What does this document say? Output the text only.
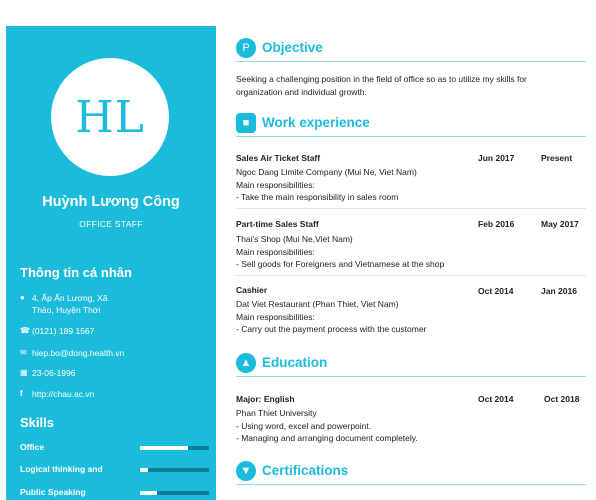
HL
Huỳnh Lương Công
OFFICE STAFF
Thông tin cá nhân
● 4, Ấp Ấn Lương, Xã
Thảo, Huyện Thời
☎ (0121) 189 1567
✉ hiep.bo@dong.health.vn
▦ 23-06-1996
f	http://chau.ac.vn
Skills
Office
Logical thinking and
Public Speaking
P Objective
Seeking a challenging position in the field of office so as to utilize my skills for
organization and individual growth.
■ Work experience
Sales Air Ticket Staff	Jun 2017	Present
Ngoc Dang Limite Company (Mui Ne, Viet Nam)
Main responsibilities:
- Take the main responsibility in sales room
Part-time Sales Staff	Feb 2016	May 2017
Thai's Shop (Mui Ne,Viet Nam)
Main responsibilities:
- Sell goods for Foreigners and Vietnamese at the shop
Cashier	Oct 2014	Jan 2016
Dat Viet Restaurant (Phan Thiet, Viet Nam)
Main responsibilities:
- Carry out the payment process with the customer
▲ Education
Major: English	Oct 2014	Oct 2018
Phan Thiet University
- Using word, excel and powerpoint.
- Managing and arranging document completely.
▼ Certifications
